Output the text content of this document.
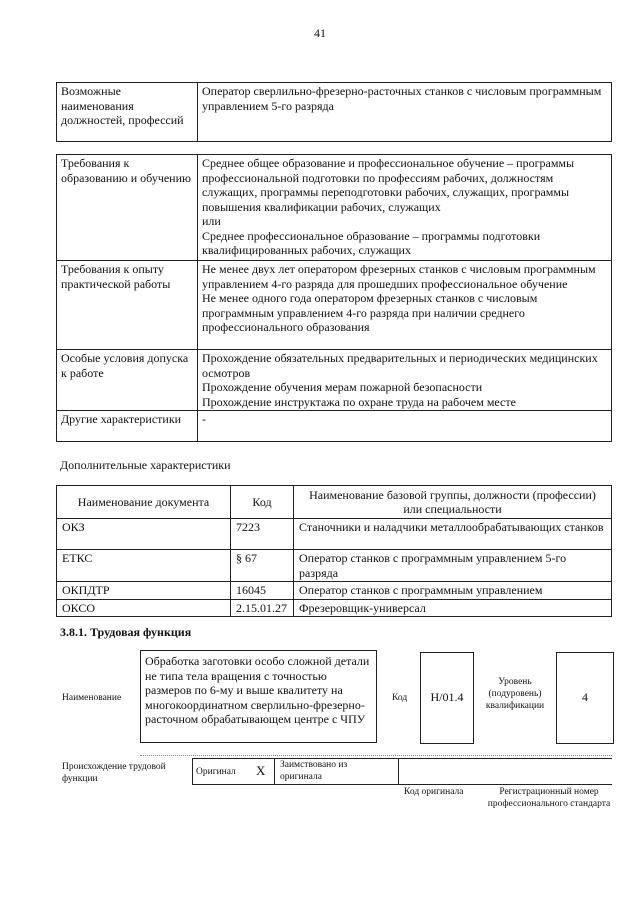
41
Возможные наименования должностей, профессий	Оператор сверлильно-фрезерно-расточных станков с числовым программным управлением 5-го разряда
Требования к образованию и обучению	Среднее общее образование и профессиональное обучение – программы профессиональной подготовки по профессиям рабочих, должностям служащих, программы переподготовки рабочих, служащих, программы повышения квалификации рабочих, служащих
или
Среднее профессиональное образование – программы подготовки квалифицированных рабочих, служащих
Требования к опыту практической работы	Не менее двух лет оператором фрезерных станков с числовым программным управлением 4-го разряда для прошедших профессиональное обучение
Не менее одного года оператором фрезерных станков с числовым программным управлением 4-го разряда при наличии среднего профессионального образования
Особые условия допуска к работе	Прохождение обязательных предварительных и периодических медицинских осмотров
Прохождение обучения мерам пожарной безопасности
Прохождение инструктажа по охране труда на рабочем месте
Другие характеристики	-
Дополнительные характеристики
Наименование документа	Код	Наименование базовой группы, должности (профессии) или специальности
ОКЗ	7223	Станочники и наладчики металлообрабатывающих станков
ЕТКС	§ 67	Оператор станков с программным управлением 5-го разряда
ОКПДТР	16045	Оператор станков с программным управлением
ОКСО	2.15.01.27	Фрезеровщик-универсал
3.8.1. Трудовая функция
Наименование
Обработка заготовки особо сложной детали не типа тела вращения с точностью размеров по 6-му и выше квалитету на многокоординатном сверлильно-фрезерно-расточном обрабатывающем центре с ЧПУ
Код	H/01.4
Уровень (подуровень) квалификации
4
Происхождение трудовой функции
Оригинал X Заимствовано из оригинала
Код оригинала	Регистрационный номер профессионального стандарта
